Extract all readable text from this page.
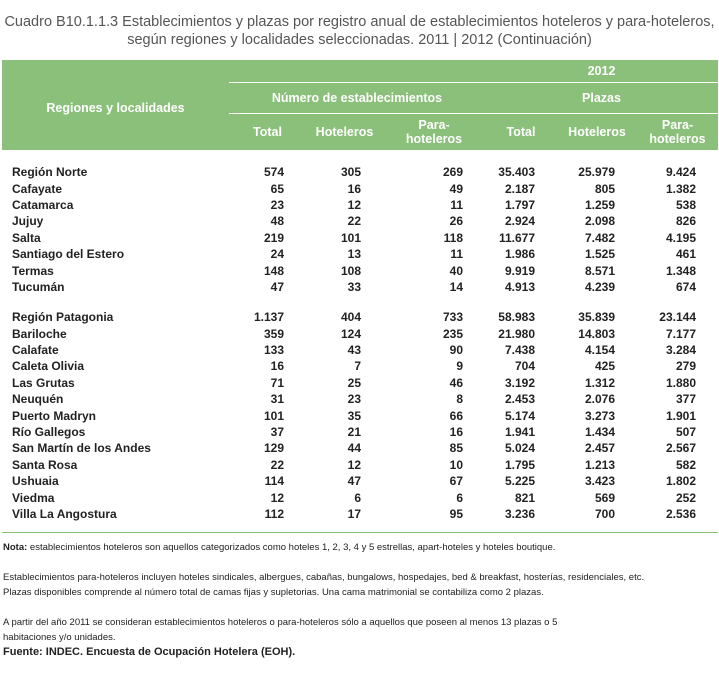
Cuadro B10.1.1.3 Establecimientos y plazas por registro anual de establecimientos hoteleros y para-hoteleros,
según regiones y localidades seleccionadas. 2011 | 2012 (Continuación)
Regiones y localidades				2012		
	Número de establecimientos			Plazas		
	Total	Hoteleros	Para-
hoteleros	Total	Hoteleros	Para-
hoteleros

Región Norte	574	305	269	35.403	25.979	9.424
Cafayate	65	16	49	2.187	805	1.382
Catamarca	23	12	11	1.797	1.259	538
Jujuy	48	22	26	2.924	2.098	826
Salta	219	101	118	11.677	7.482	4.195
Santiago del Estero	24	13	11	1.986	1.525	461
Termas	148	108	40	9.919	8.571	1.348
Tucumán	47	33	14	4.913	4.239	674

Región Patagonia	1.137	404	733	58.983	35.839	23.144
Bariloche	359	124	235	21.980	14.803	7.177
Calafate	133	43	90	7.438	4.154	3.284
Caleta Olivia	16	7	9	704	425	279
Las Grutas	71	25	46	3.192	1.312	1.880
Neuquén	31	23	8	2.453	2.076	377
Puerto Madryn	101	35	66	5.174	3.273	1.901
Río Gallegos	37	21	16	1.941	1.434	507
San Martín de los Andes	129	44	85	5.024	2.457	2.567
Santa Rosa	22	12	10	1.795	1.213	582
Ushuaia	114	47	67	5.225	3.423	1.802
Viedma	12	6	6	821	569	252
Villa La Angostura	112	17	95	3.236	700	2.536

Nota: establecimientos hoteleros son aquellos categorizados como hoteles 1, 2, 3, 4 y 5 estrellas, apart-hoteles y hoteles boutique.

Establecimientos para-hoteleros incluyen hoteles sindicales, albergues, cabañas, bungalows, hospedajes, bed & breakfast, hosterías, residenciales, etc.

Plazas disponibles comprende al número total de camas fijas y supletorias. Una cama matrimonial se contabiliza como 2 plazas.

A partir del año 2011 se consideran establecimientos hoteleros o para-hoteleros sólo a aquellos que poseen al menos 13 plazas o 5

habitaciones y/o unidades.

Fuente: INDEC. Encuesta de Ocupación Hotelera (EOH).
